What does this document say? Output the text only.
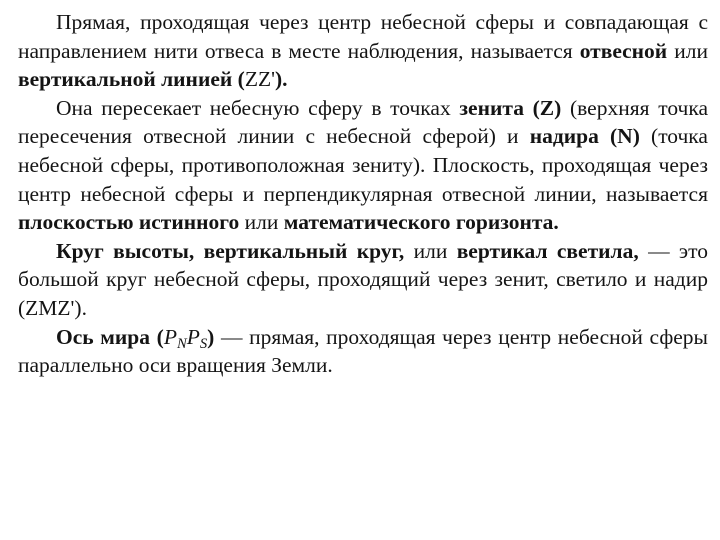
Прямая, проходящая через центр небесной сферы и совпадающая с направлением нити отвеса в месте наблюдения, называется отвесной или вертикальной линией (ZZ').

Она пересекает небесную сферу в точках зенита (Z) (верхняя точка пересечения отвесной линии с небесной сферой) и надира (N) (точка небесной сферы, противоположная зениту). Плоскость, проходящая через центр небесной сферы и перпендикулярная отвесной линии, называется плоскостью истинного или математического горизонта.

Круг высоты, вертикальный круг, или вертикал светила, — это большой круг небесной сферы, проходящий через зенит, светило и надир (ZMZ').

Ось мира $(P_NP_S)$ — прямая, проходящая через центр небесной сферы параллельно оси вращения Земли.
